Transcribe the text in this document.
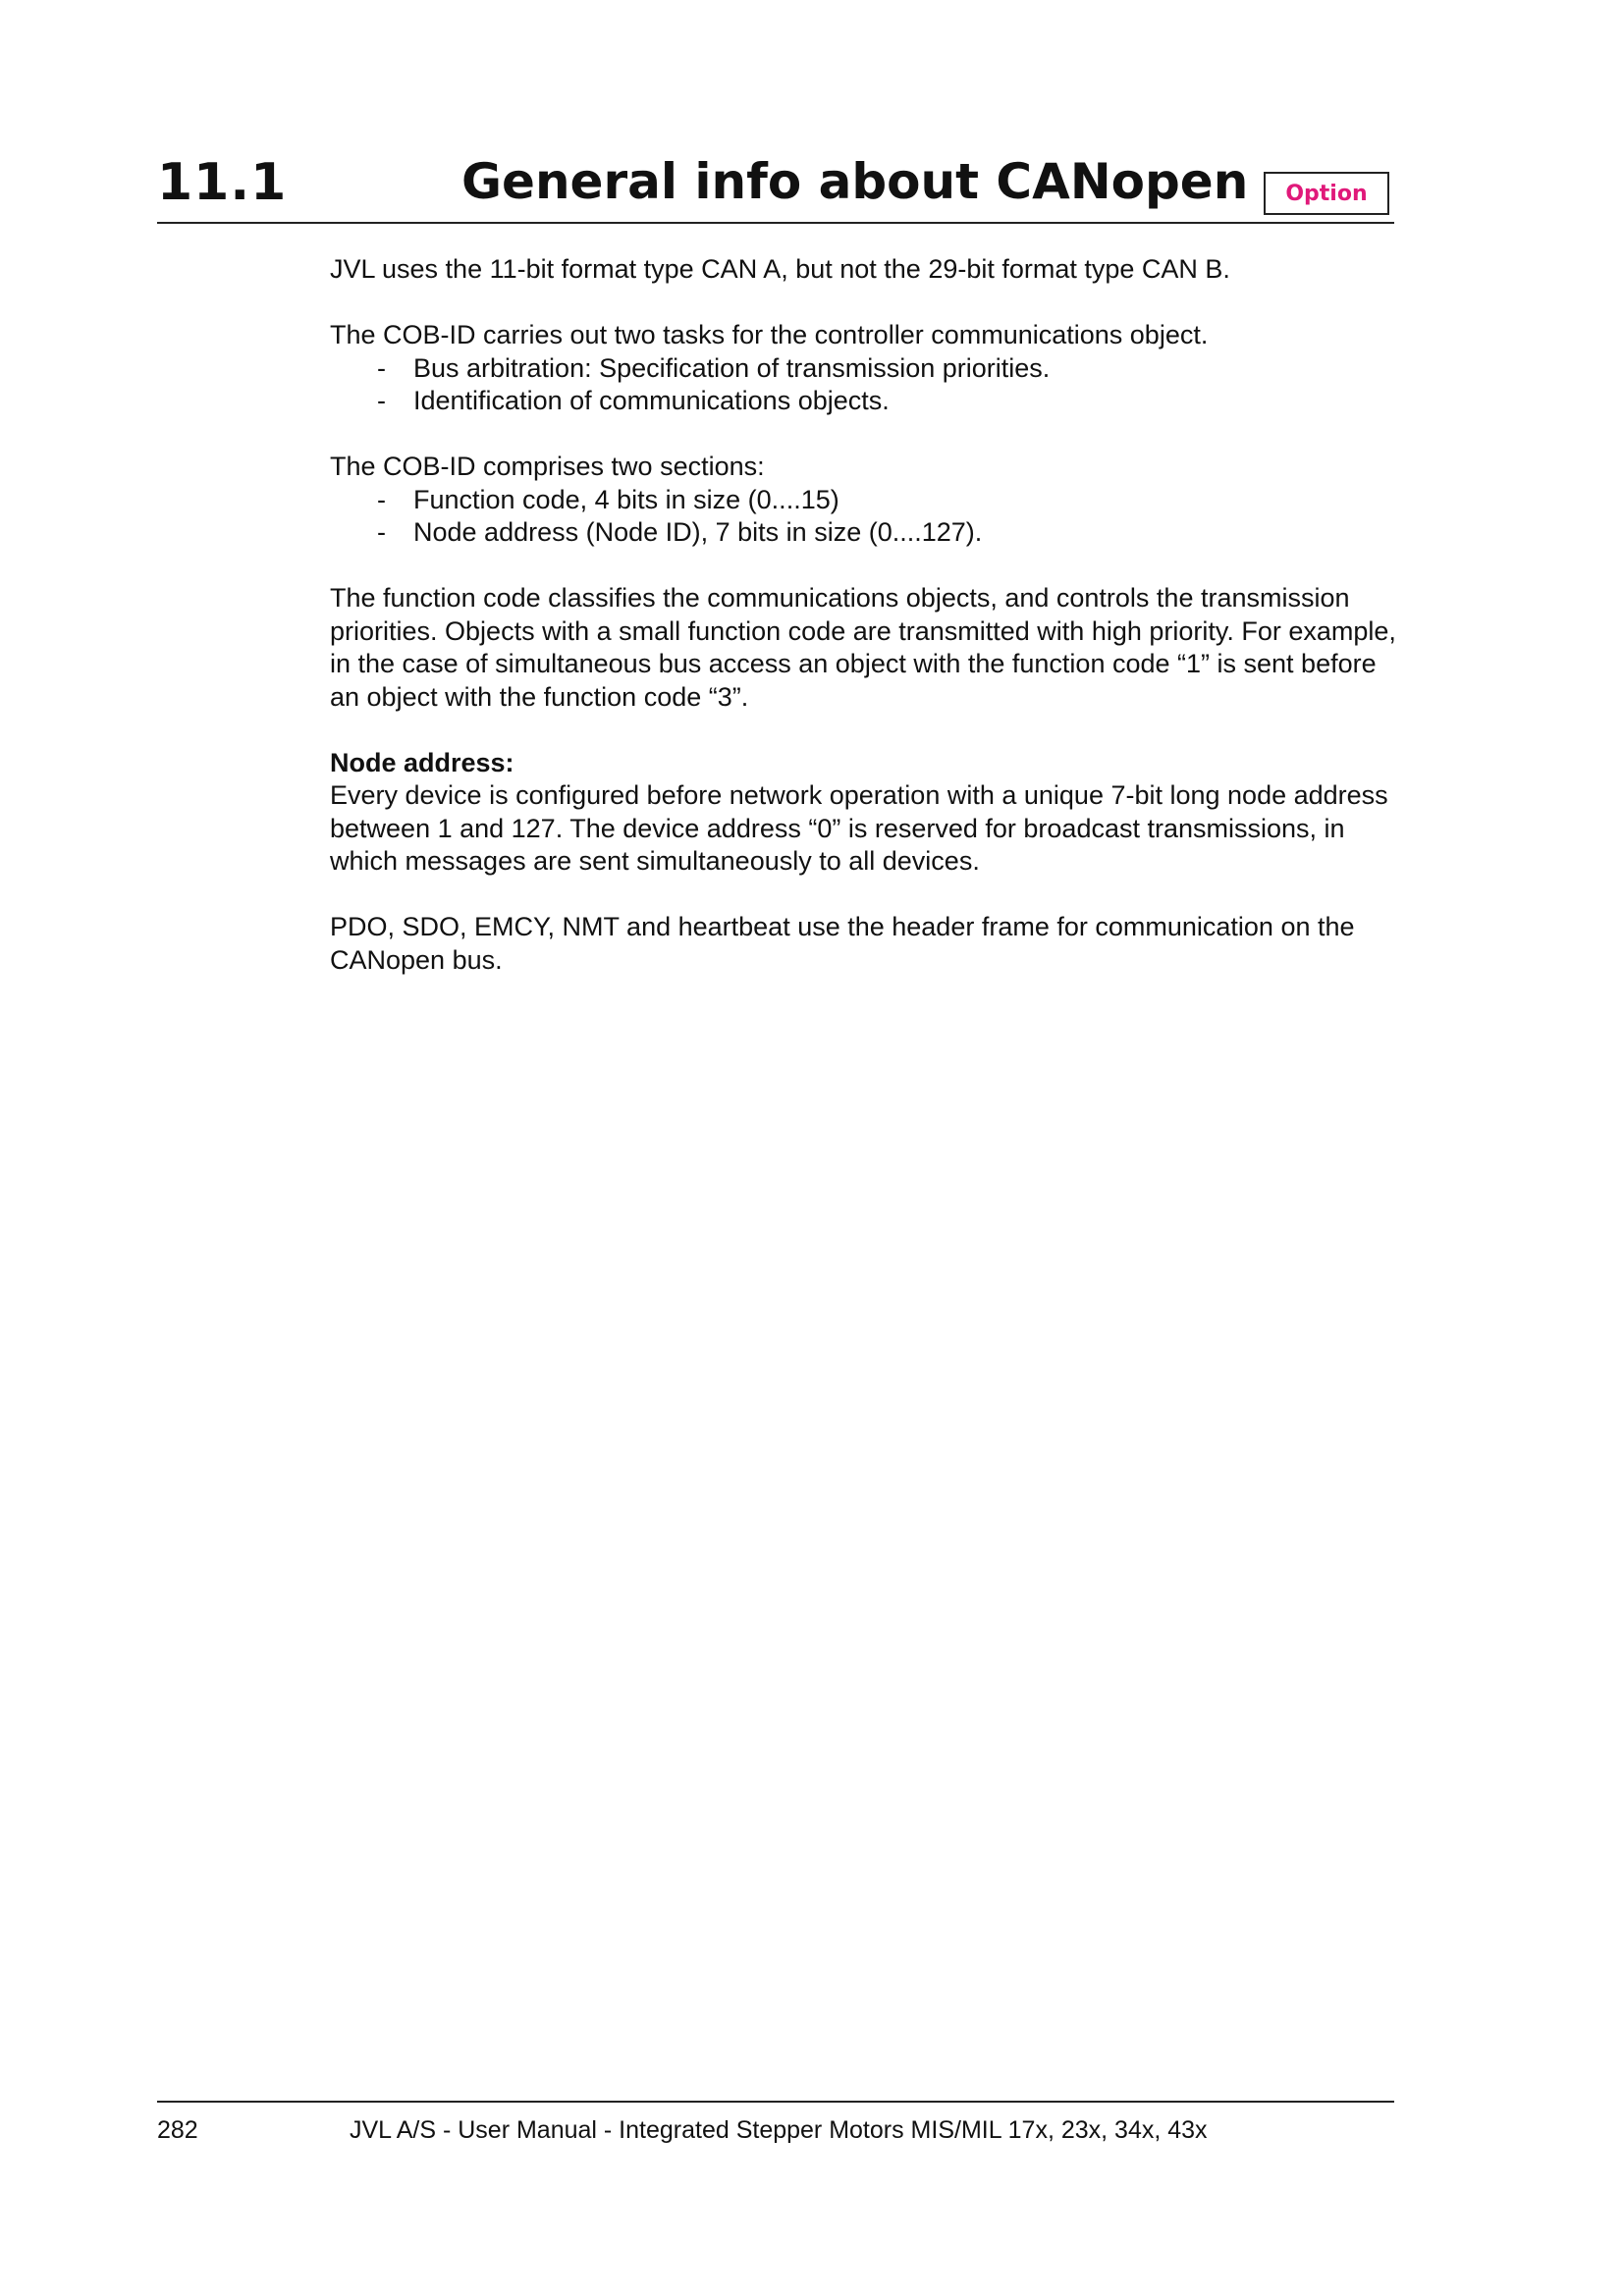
11.1	General info about CANopen	Option

JVL uses the 11-bit format type CAN A, but not the 29-bit format type CAN B.

The COB-ID carries out two tasks for the controller communications object.
- Bus arbitration: Specification of transmission priorities.
- Identification of communications objects.
The COB-ID comprises two sections:
- Function code, 4 bits in size (0....15)
- Node address (Node ID), 7 bits in size (0....127).

The function code classifies the communications objects, and controls the transmission priorities. Objects with a small function code are transmitted with high priority. For example, in the case of simultaneous bus access an object with the function code “1” is sent before an object with the function code “3”.

Node address:
Every device is configured before network operation with a unique 7-bit long node address between 1 and 127. The device address “0” is reserved for broadcast transmissions, in which messages are sent simultaneously to all devices.

PDO, SDO, EMCY, NMT and heartbeat use the header frame for communication on the CANopen bus.

282	JVL A/S - User Manual - Integrated Stepper Motors MIS/MIL 17x, 23x, 34x, 43x
